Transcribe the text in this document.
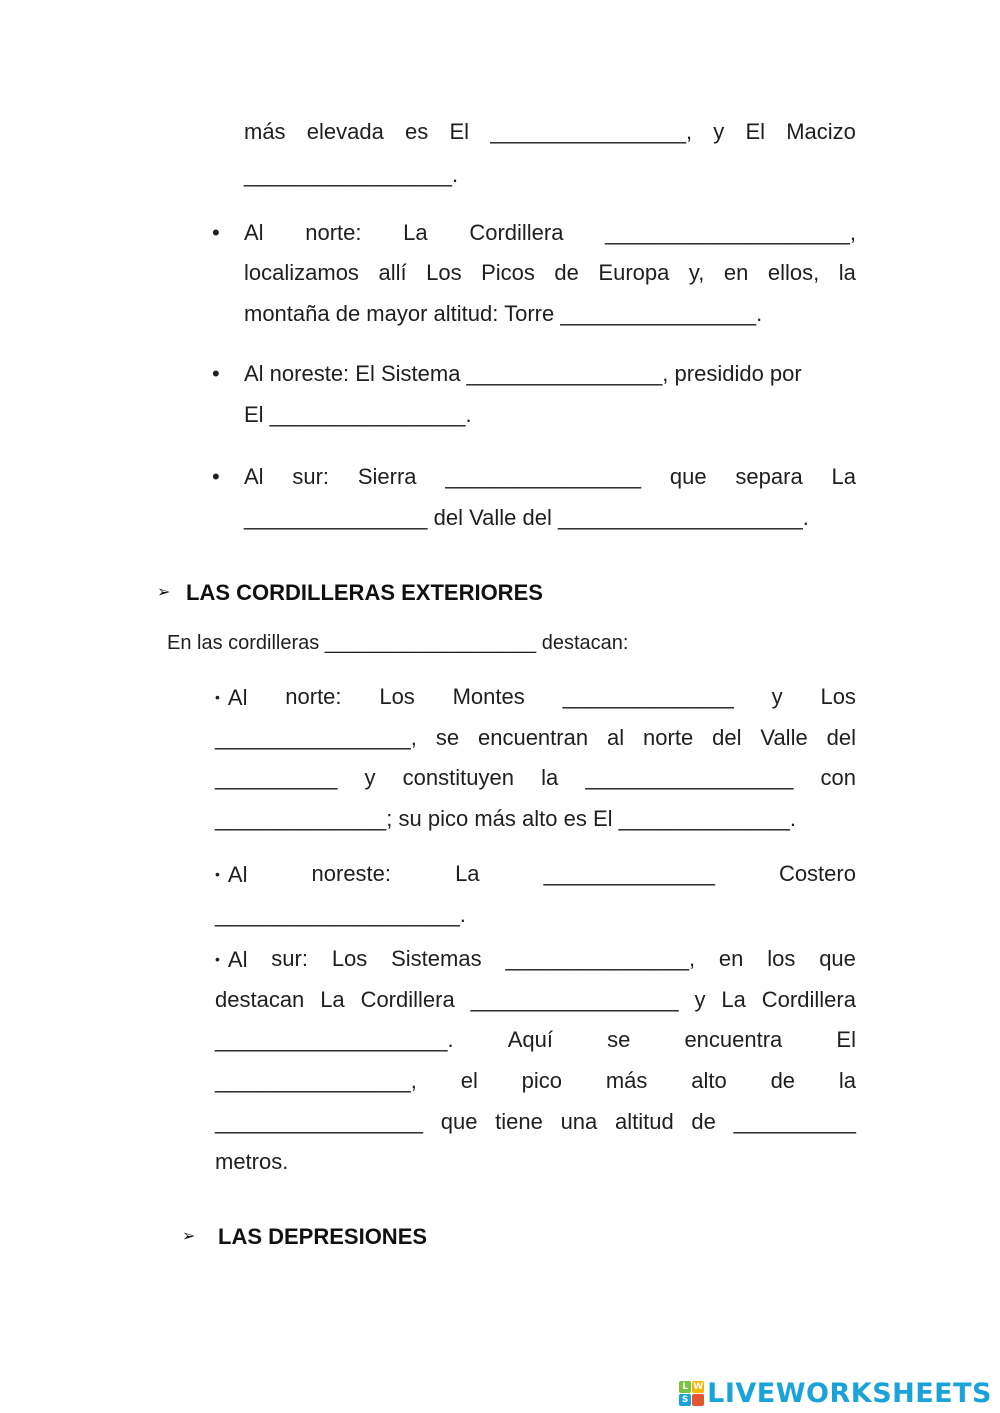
más elevada es El ________________, y El Macizo
_________________.
• Al norte: La Cordillera ____________________,
localizamos allí Los Picos de Europa y, en ellos, la
montaña de mayor altitud: Torre ________________.
• Al noreste: El Sistema ________________, presidido por
El ________________.
• Al sur: Sierra ________________ que separa La
_______________ del Valle del ____________________.
➢ LAS CORDILLERAS EXTERIORES
En las cordilleras ___________________ destacan:
• Al norte: Los Montes ______________ y Los
________________, se encuentran al norte del Valle del
__________ y constituyen la _________________ con
______________; su pico más alto es El ______________.
• Al	noreste:	La	______________	Costero
____________________.
• Al sur: Los Sistemas _______________, en los que
destacan La Cordillera _________________ y La Cordillera
___________________. Aquí se encuentra El
________________, el pico más alto de la
_________________ que tiene una altitud de __________
metros.
➢ LAS DEPRESIONES
L W
S LIVEWORKSHEETS
